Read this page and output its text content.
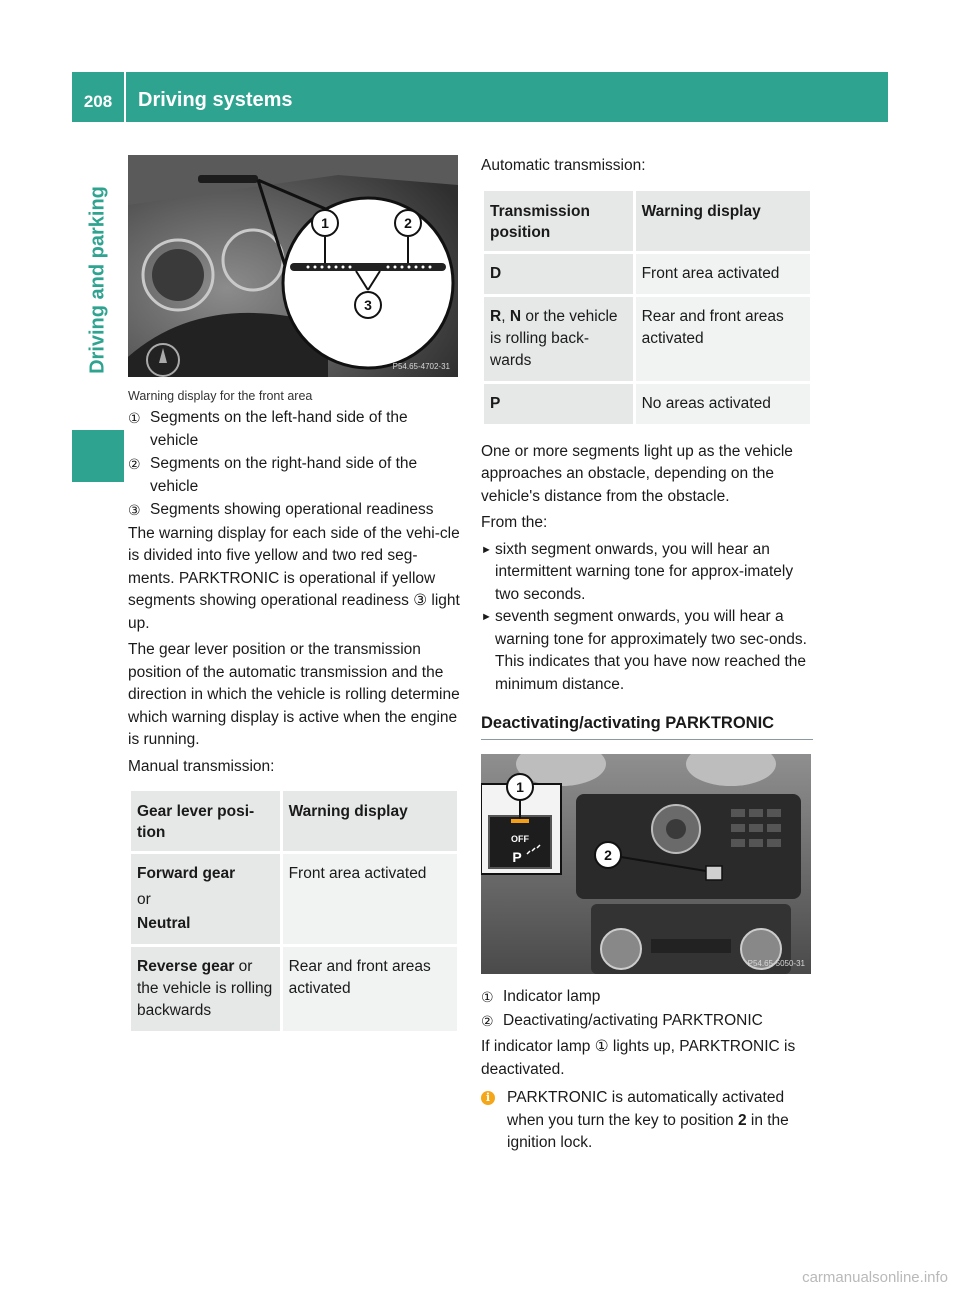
208	Driving systems
Driving and parking	1	2
3
P54.65-4702-31
Warning display for the front area
① Segments on the left-hand side of the vehicle
② Segments on the right-hand side of the vehicle
③ Segments showing operational readiness

The warning display for each side of the vehi-cle is divided into five yellow and two red seg-ments. PARKTRONIC is operational if yellow segments showing operational readiness ③ light up.

The gear lever position or the transmission position of the automatic transmission and the direction in which the vehicle is rolling determine which warning display is active when the engine is running.

Manual transmission:

Gear lever posi-tion	Warning display

Forward gear
or
Neutral	Front area activated
Reverse gear or the vehicle is rolling backwards	Rear and front areas activated

Automatic transmission:

Transmission position	Warning display
D	Front area activated
R, N or the vehicle is rolling back-wards	Rear and front areas activated
P	No areas activated

One or more segments light up as the vehicle approaches an obstacle, depending on the vehicle's distance from the obstacle.

From the:

► sixth segment onwards, you will hear an intermittent warning tone for approx-imately two seconds.
► seventh segment onwards, you will hear a warning tone for approximately two sec-onds. This indicates that you have now reached the minimum distance.
Deactivating/activating PARKTRONIC
OFF
P
1
2
P54.65-5050-31
① Indicator lamp
② Deactivating/activating PARKTRONIC

If indicator lamp ① lights up, PARKTRONIC is deactivated.

i	PARKTRONIC is automatically activated when you turn the key to position 2 in the ignition lock.
carmanualsonline.info
